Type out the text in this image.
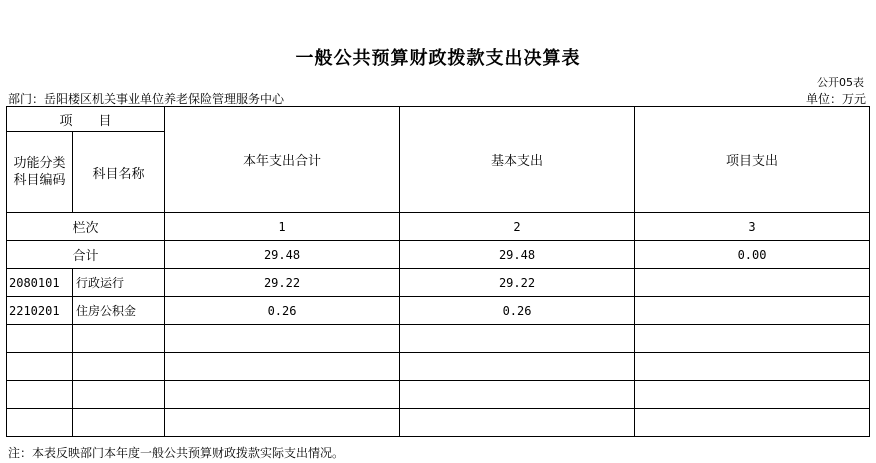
一般公共预算财政拨款支出决算表
公开05表
部门：岳阳楼区机关事业单位养老保险管理服务中心	单位：万元
项　　目		本年支出合计	基本支出	项目支出
功能分类科目编码	科目名称			
栏次		1	2	3
合计		29.48	29.48	0.00
2080101	行政运行	29.22	29.22	
2210201	住房公积金	0.26	0.26	

注：本表反映部门本年度一般公共预算财政拨款实际支出情况。
